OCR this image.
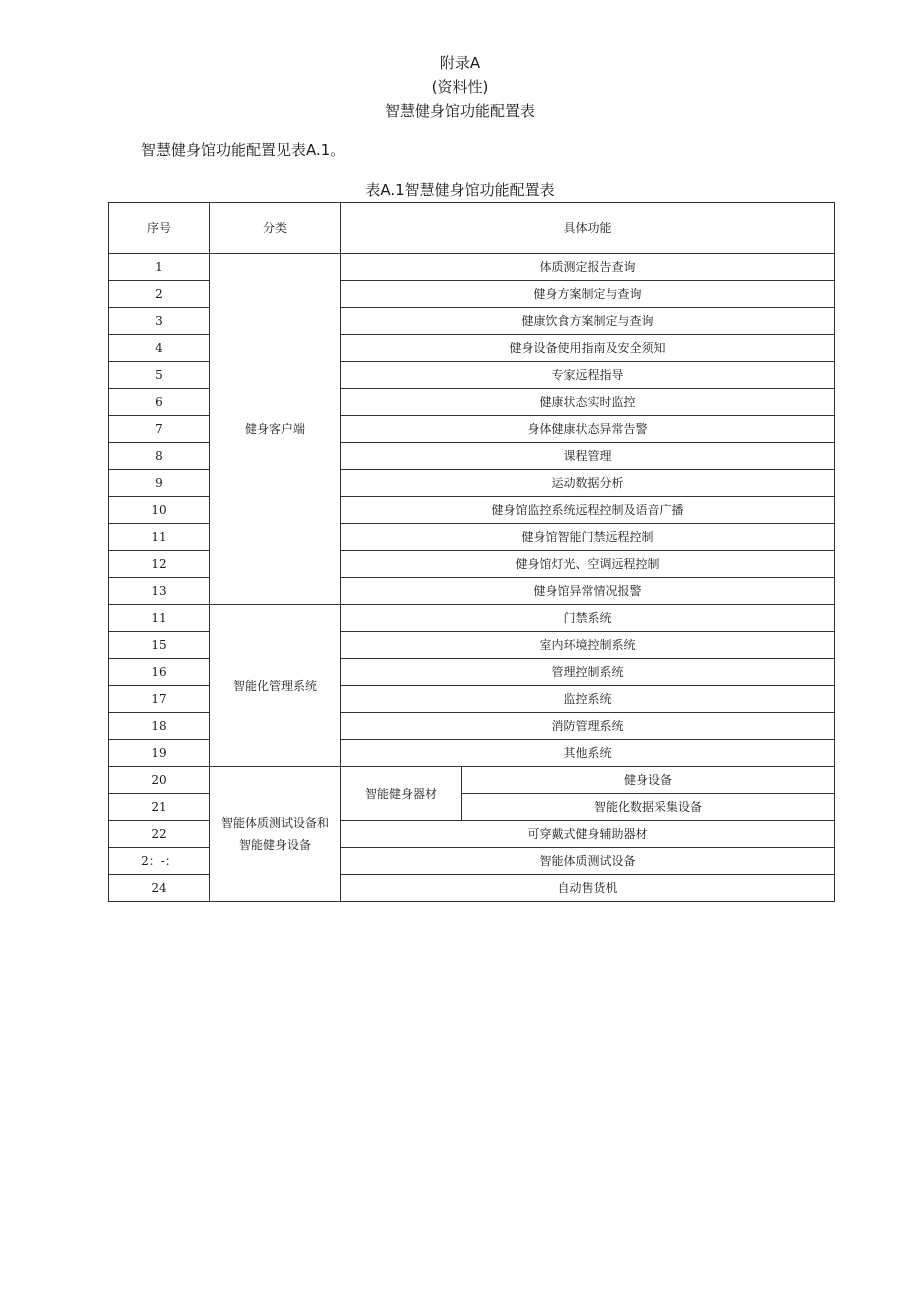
附录A
(资料性)
智慧健身馆功能配置表
智慧健身馆功能配置见表A.1。
表A.1智慧健身馆功能配置表
序号	分类	具体功能	
1	健身客户端	体质测定报告查询	
2		健身方案制定与查询	
3		健康饮食方案制定与查询	
4		健身设备使用指南及安全须知	
5		专家远程指导	
6		健康状态实时监控	
7		身体健康状态异常告警	
8		课程管理	
9		运动数据分析	
10		健身馆监控系统远程控制及语音广播	
11		健身馆智能门禁远程控制	
12		健身馆灯光、空调远程控制	
13		健身馆异常情况报警	
11	智能化管理系统	门禁系统	
15		室内环境控制系统	
16		管理控制系统	
17		监控系统	
18		消防管理系统	
19		其他系统	
20	智能体质测试设备和智能健身设备	智能健身器材	健身设备
21			智能化数据采集设备
22		可穿戴式健身辅助器材	
2：-：		智能体质测试设备	
24		自动售货机	
